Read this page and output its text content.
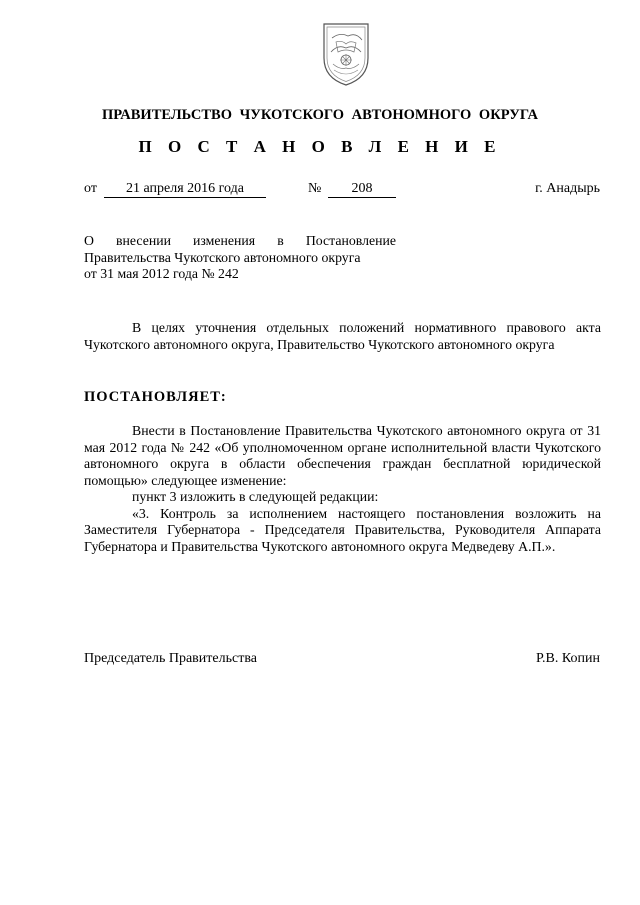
ПРАВИТЕЛЬСТВО ЧУКОТСКОГО АВТОНОМНОГО ОКРУГА
П О С Т А Н О В Л Е Н И Е
от	21 апреля 2016 года	№	208	г. Анадырь
О внесении изменения в Постановление
Правительства Чукотского автономного округа
от 31 мая 2012 года № 242

В целях уточнения отдельных положений нормативного правового акта Чукотского автономного округа, Правительство Чукотского автономного округа

ПОСТАНОВЛЯЕТ:

Внести в Постановление Правительства Чукотского автономного округа от 31 мая 2012 года № 242 «Об уполномоченном органе исполнительной власти Чукотского автономного округа в области обеспечения граждан бесплатной юридической помощью» следующее изменение:

пункт 3 изложить в следующей редакции:

«3. Контроль за исполнением настоящего постановления возложить на Заместителя Губернатора - Председателя Правительства, Руководителя Аппарата Губернатора и Правительства Чукотского автономного округа Медведеву А.П.».

Председатель Правительства	Р.В. Копин
